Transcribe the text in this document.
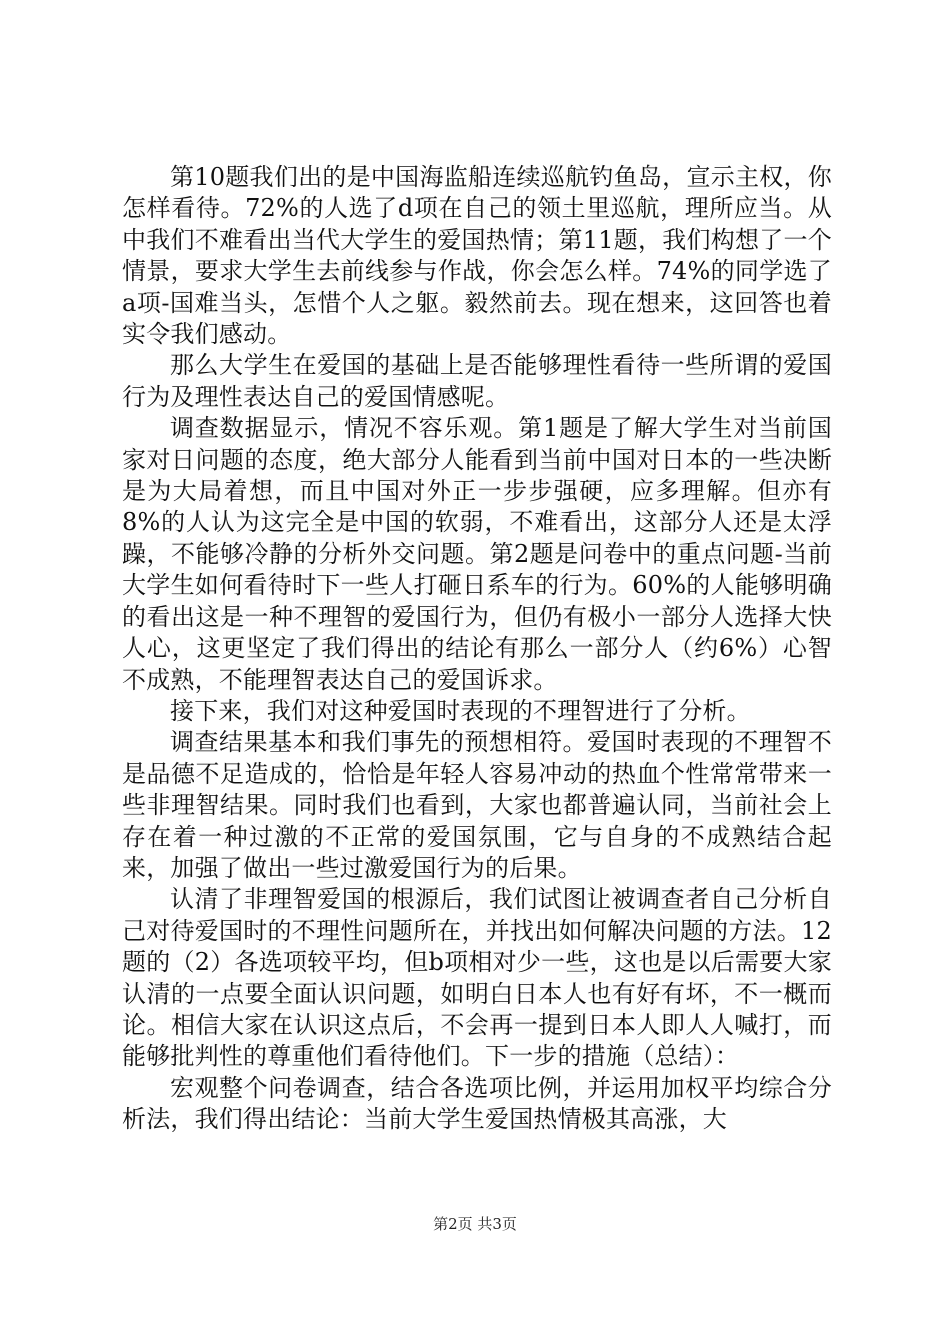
第10题我们出的是中国海监船连续巡航钓鱼岛，宣示主权，你怎样看待。72%的人选了d项在自己的领土里巡航，理所应当。从中我们不难看出当代大学生的爱国热情；第11题，我们构想了一个情景，要求大学生去前线参与作战，你会怎么样。74%的同学选了a项-国难当头，怎惜个人之躯。毅然前去。现在想来，这回答也着实令我们感动。

那么大学生在爱国的基础上是否能够理性看待一些所谓的爱国行为及理性表达自己的爱国情感呢。

调查数据显示，情况不容乐观。第1题是了解大学生对当前国家对日问题的态度，绝大部分人能看到当前中国对日本的一些决断是为大局着想，而且中国对外正一步步强硬，应多理解。但亦有8%的人认为这完全是中国的软弱，不难看出，这部分人还是太浮躁，不能够冷静的分析外交问题。第2题是问卷中的重点问题-当前大学生如何看待时下一些人打砸日系车的行为。60%的人能够明确的看出这是一种不理智的爱国行为，但仍有极小一部分人选择大快人心，这更坚定了我们得出的结论有那么一部分人（约6%）心智不成熟，不能理智表达自己的爱国诉求。

接下来，我们对这种爱国时表现的不理智进行了分析。

调查结果基本和我们事先的预想相符。爱国时表现的不理智不是品德不足造成的，恰恰是年轻人容易冲动的热血个性常常带来一些非理智结果。同时我们也看到，大家也都普遍认同，当前社会上存在着一种过激的不正常的爱国氛围，它与自身的不成熟结合起来，加强了做出一些过激爱国行为的后果。

认清了非理智爱国的根源后，我们试图让被调查者自己分析自己对待爱国时的不理性问题所在，并找出如何解决问题的方法。12题的（2）各选项较平均，但b项相对少一些，这也是以后需要大家认清的一点要全面认识问题，如明白日本人也有好有坏，不一概而论。相信大家在认识这点后，不会再一提到日本人即人人喊打，而能够批判性的尊重他们看待他们。下一步的措施（总结）：

宏观整个问卷调查，结合各选项比例，并运用加权平均综合分析法，我们得出结论：当前大学生爱国热情极其高涨，大

第2页 共3页
